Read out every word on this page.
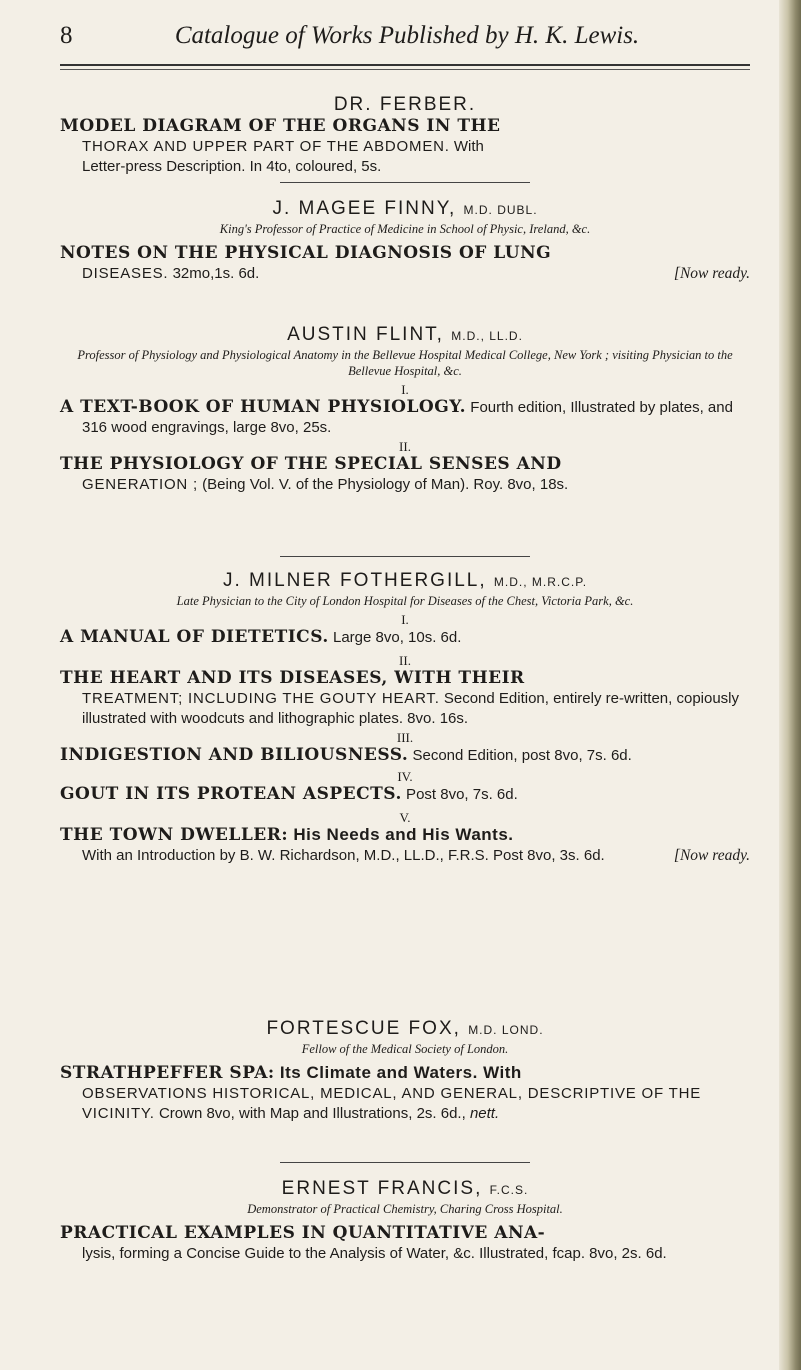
8	Catalogue of Works Published by H. K. Lewis.

DR. FERBER.

MODEL DIAGRAM OF THE ORGANS IN THE
THORAX AND UPPER PART OF THE ABDOMEN. With
Letter-press Description. In 4to, coloured, 5s.

J. MAGEE FINNY, M.D. DUBL.

King's Professor of Practice of Medicine in School of Physic, Ireland, &c.

NOTES ON THE PHYSICAL DIAGNOSIS OF LUNG
DISEASES. 32mo,1s. 6d.	[Now ready.

AUSTIN FLINT, M.D., LL.D.

Professor of Physiology and Physiological Anatomy in the Bellevue Hospital Medical College, New York ; visiting Physician to the Bellevue Hospital, &c.

I.

A TEXT-BOOK OF HUMAN PHYSIOLOGY. Fourth edition, Illustrated by plates, and 316 wood engravings, large 8vo, 25s.

II.

THE PHYSIOLOGY OF THE SPECIAL SENSES AND
GENERATION ; (Being Vol. V. of the Physiology of Man). Roy. 8vo, 18s.

J. MILNER FOTHERGILL, M.D., M.R.C.P.

Late Physician to the City of London Hospital for Diseases of the Chest, Victoria Park, &c.

I.

A MANUAL OF DIETETICS. Large 8vo, 10s. 6d.

II.

THE HEART AND ITS DISEASES, WITH THEIR
TREATMENT; INCLUDING THE GOUTY HEART. Second Edition, entirely re-written, copiously illustrated with woodcuts and lithographic plates. 8vo. 16s.

III.

INDIGESTION AND BILIOUSNESS. Second Edition, post 8vo, 7s. 6d.

IV.

GOUT IN ITS PROTEAN ASPECTS. Post 8vo, 7s. 6d.

V.

THE TOWN DWELLER: His Needs and His Wants.
With an Introduction by B. W. Richardson, M.D., LL.D., F.R.S. Post 8vo, 3s. 6d.	[Now ready.

FORTESCUE FOX, M.D. LOND.

Fellow of the Medical Society of London.

STRATHPEFFER SPA: Its Climate and Waters. With
OBSERVATIONS HISTORICAL, MEDICAL, AND GENERAL, DESCRIPTIVE OF THE VICINITY. Crown 8vo, with Map and Illustrations, 2s. 6d., nett.

ERNEST FRANCIS, F.C.S.

Demonstrator of Practical Chemistry, Charing Cross Hospital.

PRACTICAL EXAMPLES IN QUANTITATIVE ANA-
lysis, forming a Concise Guide to the Analysis of Water, &c. Illustrated, fcap. 8vo, 2s. 6d.
